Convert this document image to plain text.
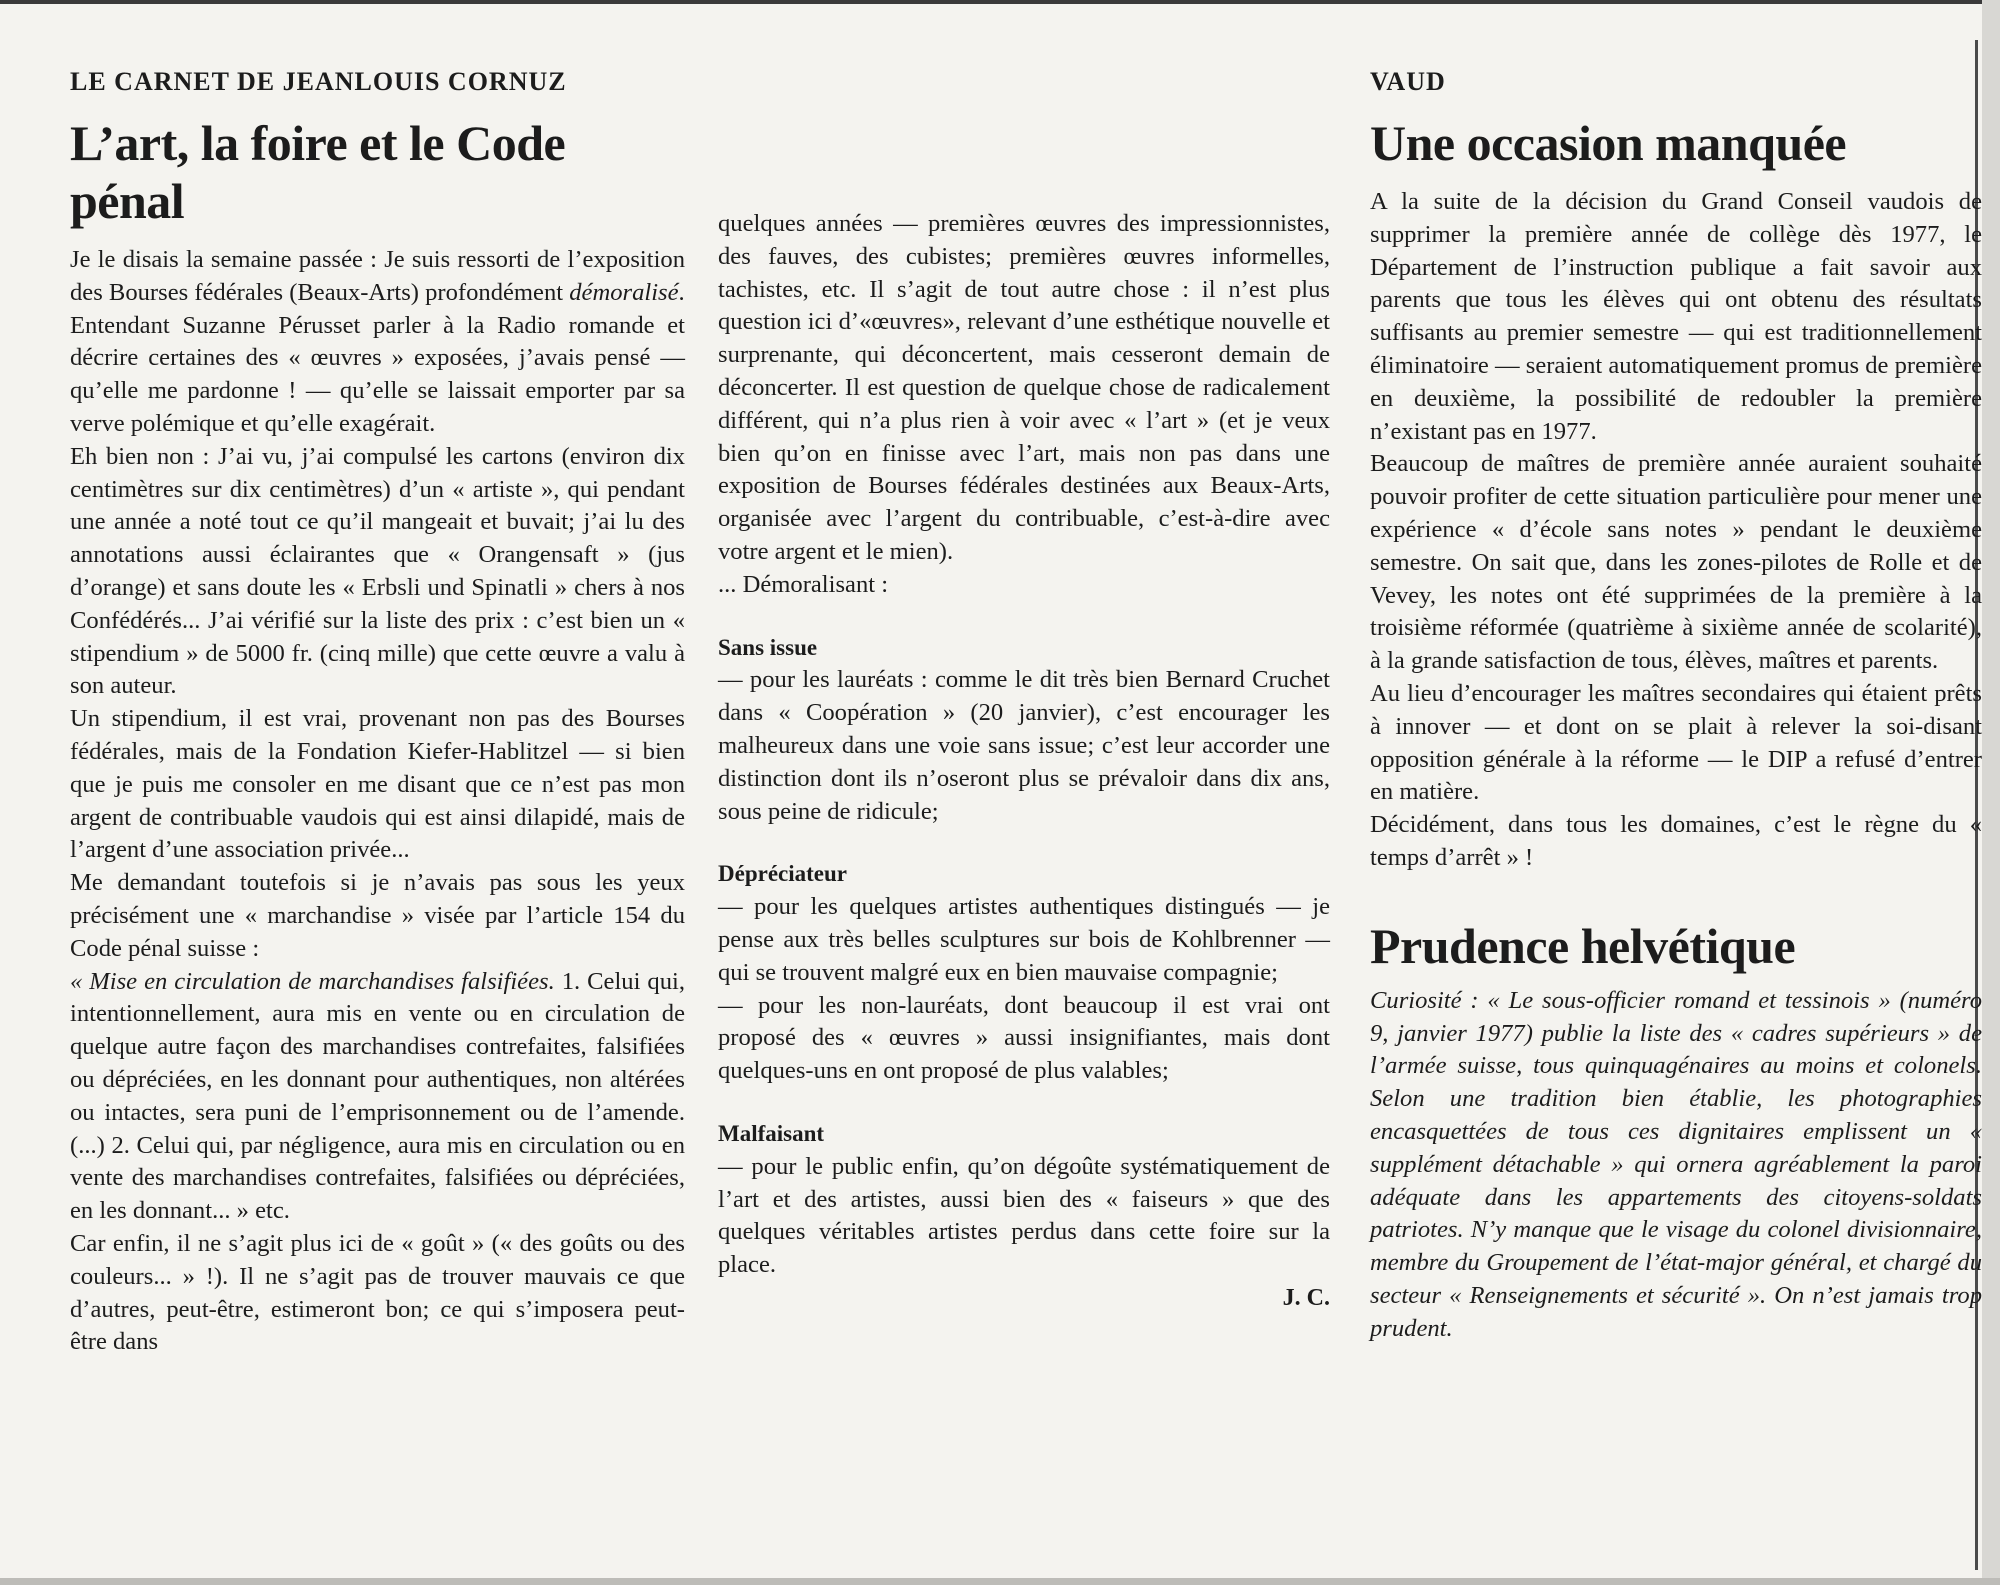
LE CARNET DE JEANLOUIS CORNUZ
L’art, la foire et le Code pénal

Je le disais la semaine passée : Je suis ressorti de l’exposition des Bourses fédérales (Beaux-Arts) profondément démoralisé.

Entendant Suzanne Pérusset parler à la Radio romande et décrire certaines des « œuvres » exposées, j’avais pensé — qu’elle me pardonne ! — qu’elle se laissait emporter par sa verve polémique et qu’elle exagérait.

Eh bien non : J’ai vu, j’ai compulsé les cartons (environ dix centimètres sur dix centimètres) d’un « artiste », qui pendant une année a noté tout ce qu’il mangeait et buvait; j’ai lu des annotations aussi éclairantes que « Orangensaft » (jus d’orange) et sans doute les « Erbsli und Spinatli » chers à nos Confédérés... J’ai vérifié sur la liste des prix : c’est bien un « stipendium » de 5000 fr. (cinq mille) que cette œuvre a valu à son auteur.

Un stipendium, il est vrai, provenant non pas des Bourses fédérales, mais de la Fondation Kiefer-Hablitzel — si bien que je puis me consoler en me disant que ce n’est pas mon argent de contribuable vaudois qui est ainsi dilapidé, mais de l’argent d’une association privée...

Me demandant toutefois si je n’avais pas sous les yeux précisément une « marchandise » visée par l’article 154 du Code pénal suisse :

« Mise en circulation de marchandises falsifiées. 1. Celui qui, intentionnellement, aura mis en vente ou en circulation de quelque autre façon des marchandises contrefaites, falsifiées ou dépréciées, en les donnant pour authentiques, non altérées ou intactes, sera puni de l’emprisonnement ou de l’amende. (...) 2. Celui qui, par négligence, aura mis en circulation ou en vente des marchandises contrefaites, falsifiées ou dépréciées, en les donnant... » etc.

Car enfin, il ne s’agit plus ici de « goût » (« des goûts ou des couleurs... » !). Il ne s’agit pas de trouver mauvais ce que d’autres, peut-être, estimeront bon; ce qui s’imposera peut-être dans

quelques années — premières œuvres des impressionnistes, des fauves, des cubistes; premières œuvres informelles, tachistes, etc. Il s’agit de tout autre chose : il n’est plus question ici d’«œuvres», relevant d’une esthétique nouvelle et surprenante, qui déconcertent, mais cesseront demain de déconcerter. Il est question de quelque chose de radicalement différent, qui n’a plus rien à voir avec « l’art » (et je veux bien qu’on en finisse avec l’art, mais non pas dans une exposition de Bourses fédérales destinées aux Beaux-Arts, organisée avec l’argent du contribuable, c’est-à-dire avec votre argent et le mien).

... Démoralisant :

Sans issue

— pour les lauréats : comme le dit très bien Bernard Cruchet dans « Coopération » (20 janvier), c’est encourager les malheureux dans une voie sans issue; c’est leur accorder une distinction dont ils n’oseront plus se prévaloir dans dix ans, sous peine de ridicule;

Dépréciateur

— pour les quelques artistes authentiques distingués — je pense aux très belles sculptures sur bois de Kohlbrenner — qui se trouvent malgré eux en bien mauvaise compagnie;

— pour les non-lauréats, dont beaucoup il est vrai ont proposé des « œuvres » aussi insignifiantes, mais dont quelques-uns en ont proposé de plus valables;

Malfaisant

— pour le public enfin, qu’on dégoûte systématiquement de l’art et des artistes, aussi bien des « faiseurs » que des quelques véritables artistes perdus dans cette foire sur la place.

J. C.

VAUD
Une occasion manquée

A la suite de la décision du Grand Conseil vaudois de supprimer la première année de collège dès 1977, le Département de l’instruction publique a fait savoir aux parents que tous les élèves qui ont obtenu des résultats suffisants au premier semestre — qui est traditionnellement éliminatoire — seraient automatiquement promus de première en deuxième, la possibilité de redoubler la première n’existant pas en 1977.

Beaucoup de maîtres de première année auraient souhaité pouvoir profiter de cette situation particulière pour mener une expérience « d’école sans notes » pendant le deuxième semestre. On sait que, dans les zones-pilotes de Rolle et de Vevey, les notes ont été supprimées de la première à la troisième réformée (quatrième à sixième année de scolarité), à la grande satisfaction de tous, élèves, maîtres et parents.

Au lieu d’encourager les maîtres secondaires qui étaient prêts à innover — et dont on se plait à relever la soi-disant opposition générale à la réforme — le DIP a refusé d’entrer en matière.

Décidément, dans tous les domaines, c’est le règne du « temps d’arrêt » !

Prudence helvétique

Curiosité : « Le sous-officier romand et tessinois » (numéro 9, janvier 1977) publie la liste des « cadres supérieurs » de l’armée suisse, tous quinquagénaires au moins et colonels. Selon une tradition bien établie, les photographies encasquettées de tous ces dignitaires emplissent un « supplément détachable » qui ornera agréablement la paroi adéquate dans les appartements des citoyens-soldats patriotes. N’y manque que le visage du colonel divisionnaire, membre du Groupement de l’état-major général, et chargé du secteur « Renseignements et sécurité ». On n’est jamais trop prudent.
